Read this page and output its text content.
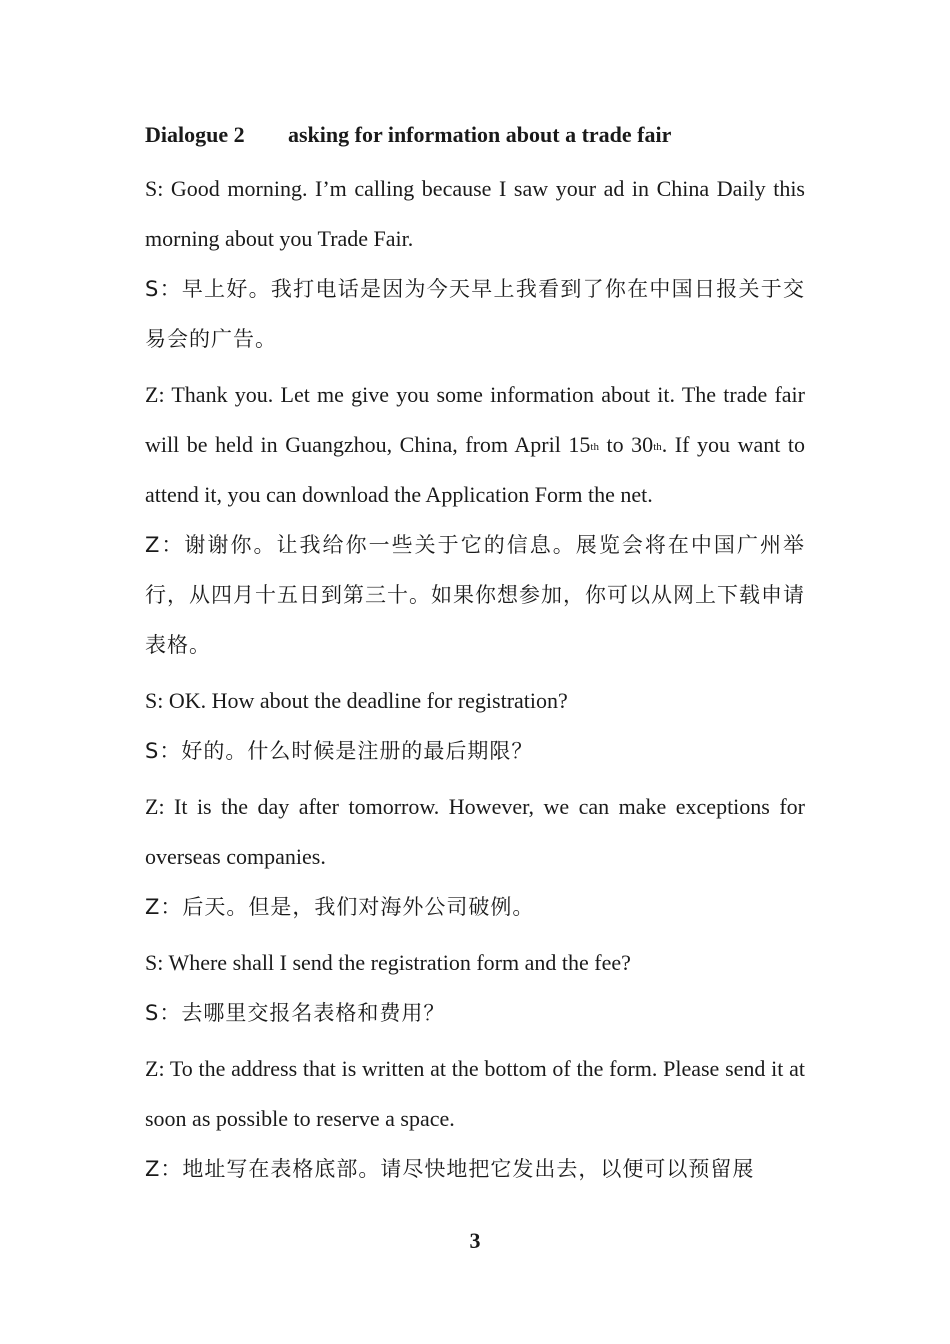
Dialogue 2 asking for information about a trade fair

S: Good morning. I’m calling because I saw your ad in China Daily this morning about you Trade Fair.

S：早上好。我打电话是因为今天早上我看到了你在中国日报关于交易会的广告。

Z: Thank you. Let me give you some information about it. The trade fair will be held in Guangzhou, China, from April 15th to 30th. If you want to attend it, you can download the Application Form the net.

Z：谢谢你。让我给你一些关于它的信息。展览会将在中国广州举行，从四月十五日到第三十。如果你想参加，你可以从网上下载申请表格。

S: OK. How about the deadline for registration?

S：好的。什么时候是注册的最后期限？

Z: It is the day after tomorrow. However, we can make exceptions for overseas companies.

Z：后天。但是，我们对海外公司破例。

S: Where shall I send the registration form and the fee?

S：去哪里交报名表格和费用？

Z: To the address that is written at the bottom of the form. Please send it at soon as possible to reserve a space.

Z：地址写在表格底部。请尽快地把它发出去，以便可以预留展

3
